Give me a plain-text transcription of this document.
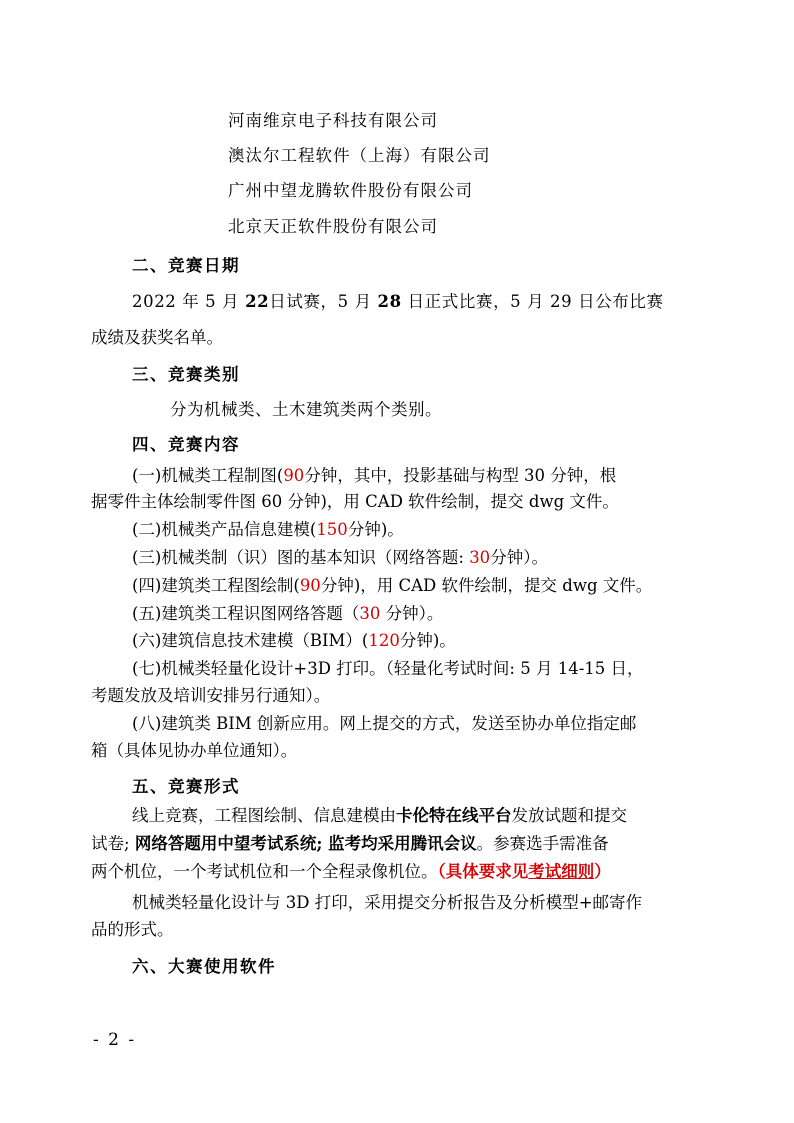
河南维京电子科技有限公司
澳汰尔工程软件（上海）有限公司
广州中望龙腾软件股份有限公司
北京天正软件股份有限公司
二、竞赛日期
2022 年 5 月 22日试赛，5 月 28 日正式比赛，5 月 29 日公布比赛
成绩及获奖名单。
三、竞赛类别
分为机械类、土木建筑类两个类别。
四、竞赛内容
(一)机械类工程制图(90分钟，其中，投影基础与构型 30 分钟，根
据零件主体绘制零件图 60 分钟)，用 CAD 软件绘制，提交 dwg 文件。
(二)机械类产品信息建模(150分钟)。
(三)机械类制（识）图的基本知识（网络答题: 30分钟）。
(四)建筑类工程图绘制(90分钟)，用 CAD 软件绘制，提交 dwg 文件。
(五)建筑类工程识图网络答题（30 分钟）。
(六)建筑信息技术建模（BIM）(120分钟)。
(七)机械类轻量化设计+3D 打印。（轻量化考试时间: 5 月 14-15 日，
考题发放及培训安排另行通知）。
(八)建筑类 BIM 创新应用。网上提交的方式，发送至协办单位指定邮
箱（具体见协办单位通知）。
五、竞赛形式
线上竞赛，工程图绘制、信息建模由卡伦特在线平台发放试题和提交
试卷; 网络答题用中望考试系统; 监考均采用腾讯会议。参赛选手需准备
两个机位，一个考试机位和一个全程录像机位。（具体要求见考试细则）
机械类轻量化设计与 3D 打印，采用提交分析报告及分析模型+邮寄作
品的形式。
六、大赛使用软件
- 2 -
